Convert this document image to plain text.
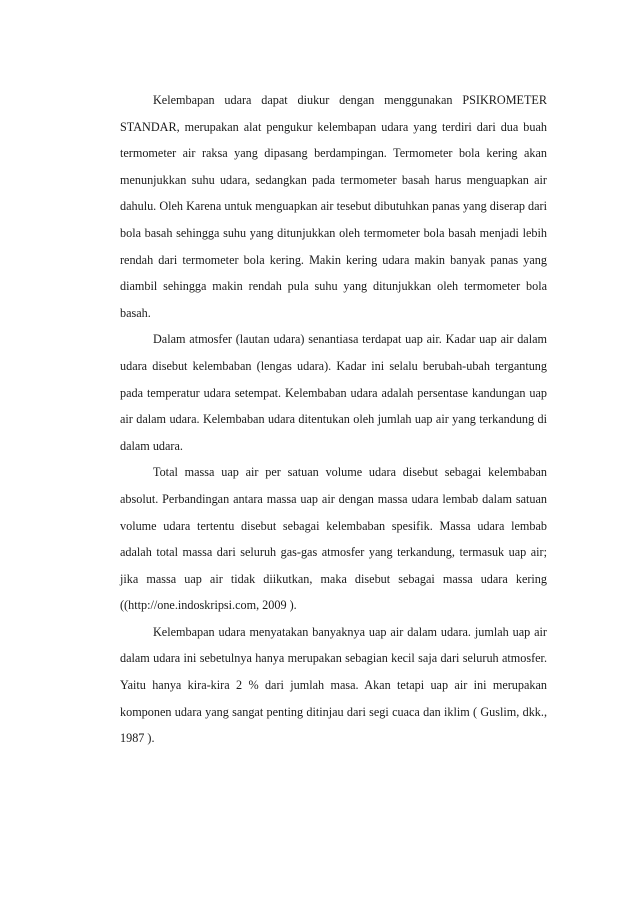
Kelembapan udara dapat diukur dengan menggunakan PSIKROMETER STANDAR, merupakan alat pengukur kelembapan udara yang terdiri dari dua buah termometer air raksa yang dipasang berdampingan. Termometer bola kering akan menunjukkan suhu udara, sedangkan pada termometer basah harus menguapkan air dahulu. Oleh Karena untuk menguapkan air tesebut dibutuhkan panas yang diserap dari bola basah sehingga suhu yang ditunjukkan oleh termometer bola basah menjadi lebih rendah dari termometer bola kering. Makin kering udara makin banyak panas yang diambil sehingga makin rendah pula suhu yang ditunjukkan oleh termometer bola basah.

Dalam atmosfer (lautan udara) senantiasa terdapat uap air. Kadar uap air dalam udara disebut kelembaban (lengas udara). Kadar ini selalu berubah-ubah tergantung pada temperatur udara setempat. Kelembaban udara adalah persentase kandungan uap air dalam udara. Kelembaban udara ditentukan oleh jumlah uap air yang terkandung di dalam udara.

Total massa uap air per satuan volume udara disebut sebagai kelembaban absolut. Perbandingan antara massa uap air dengan massa udara lembab dalam satuan volume udara tertentu disebut sebagai kelembaban spesifik. Massa udara lembab adalah total massa dari seluruh gas-gas atmosfer yang terkandung, termasuk uap air; jika massa uap air tidak diikutkan, maka disebut sebagai massa udara kering ((http://one.indoskripsi.com, 2009 ).

Kelembapan udara menyatakan banyaknya uap air dalam udara. jumlah uap air dalam udara ini sebetulnya hanya merupakan sebagian kecil saja dari seluruh atmosfer. Yaitu hanya kira-kira 2 % dari jumlah masa. Akan tetapi uap air ini merupakan komponen udara yang sangat penting ditinjau dari segi cuaca dan iklim ( Guslim, dkk., 1987 ).
